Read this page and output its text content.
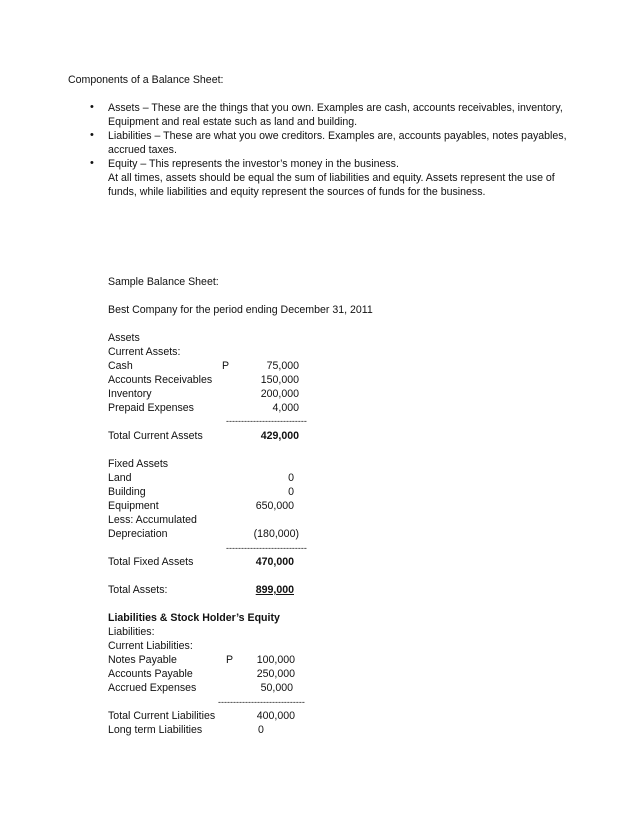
Components of a Balance Sheet:
• Assets – These are the things that you own. Examples are cash, accounts receivables, inventory,
Equipment and real estate such as land and building.
• Liabilities – These are what you owe creditors. Examples are, accounts payables, notes payables,
accrued taxes.
• Equity – This represents the investor’s money in the business.
At all times, assets should be equal the sum of liabilities and equity. Assets represent the use of
funds, while liabilities and equity represent the sources of funds for the business.
Sample Balance Sheet:
Best Company for the period ending December 31, 2011
Assets
Current Assets:
Cash	P	75,000
Accounts Receivables	150,000
Inventory	200,000
Prepaid Expenses	4,000
---------------------------
Total Current Assets	429,000
Fixed Assets
Land	0
Building	0
Equipment	650,000
Less: Accumulated
Depreciation	(180,000)
---------------------------
Total Fixed Assets	470,000
Total Assets:	899,000
Liabilities & Stock Holder’s Equity
Liabilities:
Current Liabilities:
Notes Payable	P	100,000
Accounts Payable	250,000
Accrued Expenses	50,000
-----------------------------
Total Current Liabilities	400,000
Long term Liabilities	0
